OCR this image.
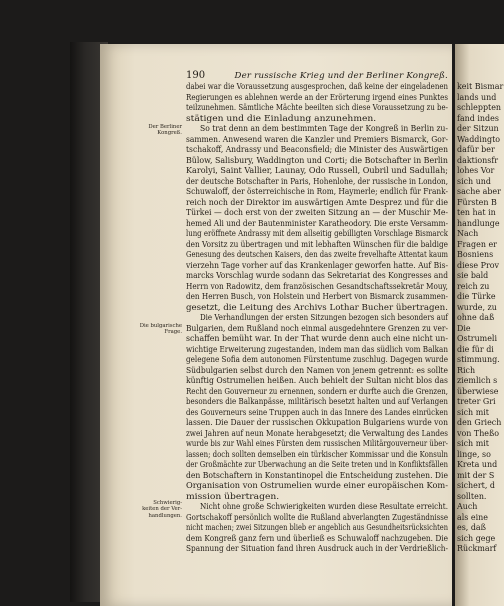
190	Der russische Krieg und der Berliner Kongreß.
Der Berliner
Kongreß.
Die bulgarische
Frage.
Schwierig-
keiten der Ver-
handlungen.
dabei war die Voraussetzung ausgesprochen, daß keine der eingeladenen
Regierungen es ablehnen werde an der Erörterung irgend eines Punktes
teilzunehmen. Sämtliche Mächte beeilten sich diese Voraussetzung zu be-
stätigen und die Einladung anzunehmen.
So trat denn an dem bestimmten Tage der Kongreß in Berlin zu-
sammen. Anwesend waren die Kanzler und Premiers Bismarck, Gor-
tschakoff, Andrassy und Beaconsfield; die Minister des Auswärtigen
Bülow, Salisbury, Waddington und Corti; die Botschafter in Berlin
Karolyi, Saint Vallier, Launay, Odo Russell, Oubril und Sadullah;
der deutsche Botschafter in Paris, Hohenlohe, der russische in London,
Schuwaloff, der österreichische in Rom, Haymerle; endlich für Frank-
reich noch der Direktor im auswärtigen Amte Desprez und für die
Türkei — doch erst von der zweiten Sitzung an — der Muschir Me-
hemed Ali und der Bautenminister Karatheodory. Die erste Versamm-
lung eröffnete Andrassy mit dem allseitig gebilligten Vorschlage Bismarck
den Vorsitz zu übertragen und mit lebhaften Wünschen für die baldige
Genesung des deutschen Kaisers, den das zweite frevelhafte Attentat kaum
vierzehn Tage vorher auf das Krankenlager geworfen hatte. Auf Bis-
marcks Vorschlag wurde sodann das Sekretariat des Kongresses and
Herrn von Radowitz, dem französischen Gesandtschaftssekretär Mouy,
den Herren Busch, von Holstein und Herbert von Bismarck zusammen-
gesetzt, die Leitung des Archivs Lothar Bucher übertragen.
Die Verhandlungen der ersten Sitzungen bezogen sich besonders auf
Bulgarien, dem Rußland noch einmal ausgedehntere Grenzen zu ver-
schaffen bemüht war. In der That wurde denn auch eine nicht un-
wichtige Erweiterung zugestanden, indem man das südlich vom Balkan
gelegene Sofia dem autonomen Fürstentume zuschlug. Dagegen wurde
Südbulgarien selbst durch den Namen von jenem getrennt: es sollte
künftig Ostrumelien heißen. Auch behielt der Sultan nicht blos das
Recht den Gouverneur zu ernennen, sondern er durfte auch die Grenzen,
besonders die Balkanpässe, militärisch besetzt halten und auf Verlangen
des Gouverneurs seine Truppen auch in das Innere des Landes einrücken
lassen. Die Dauer der russischen Okkupation Bulgariens wurde von
zwei Jahren auf neun Monate herabgesetzt; die Verwaltung des Landes
wurde bis zur Wahl eines Fürsten dem russischen Militärgouverneur über-
lassen; doch sollten demselben ein türkischer Kommissar und die Konsuln
der Großmächte zur Überwachung an die Seite treten und in Konfliktsfällen
den Botschaftern in Konstantinopel die Entscheidung zustehen. Die
Organisation von Ostrumelien wurde einer europäischen Kom-
mission übertragen.
Nicht ohne große Schwierigkeiten wurden diese Resultate erreicht.
Gortschakoff persönlich wollte die Rußland abverlangten Zugeständnisse
nicht machen; zwei Sitzungen blieb er angeblich aus Gesundheitsrücksichten
dem Kongreß ganz fern und überließ es Schuwaloff nachzugeben. Die
Spannung der Situation fand ihren Ausdruck auch in der Verdrießlich-
keit Bismar
lands und
schleppten
fand indes
der Sitzun
Waddingto
dafür ber
daktionsfr
lohes Vor
sich und
sache aber
Fürsten B
ten hat in
handlunge
Nach
Fragen er
Bosniens
diese Prov
sie bald
reich zu
die Türke
wurde, zu
ohne daß
Die
Ostrumeli
die für di
stimmung.
Rich
ziemlich s
überwiese
treter Gri
sich mit
den Griech
von Theßo
sich mit
linge, so
Kreta und
mit der S
sichert, d
sollten.
Auch
als eine
es, daß
sich gege
Rückmarf
